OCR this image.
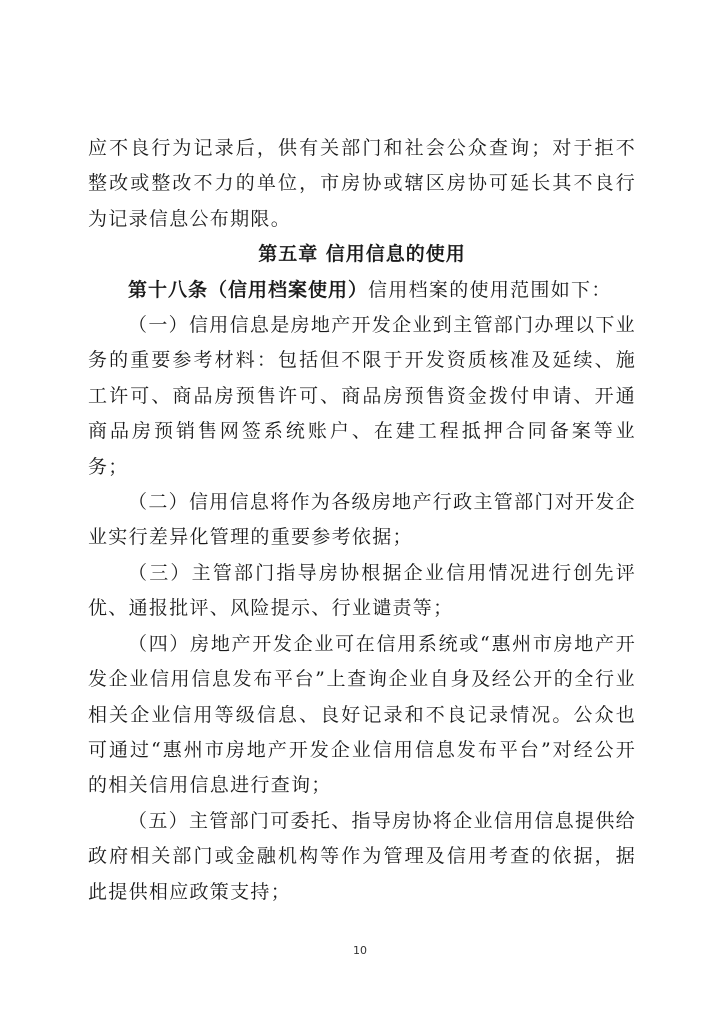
应不良行为记录后，供有关部门和社会公众查询；对于拒不整改或整改不力的单位，市房协或辖区房协可延长其不良行为记录信息公布期限。

第五章 信用信息的使用

第十八条（信用档案使用）信用档案的使用范围如下：

（一）信用信息是房地产开发企业到主管部门办理以下业务的重要参考材料：包括但不限于开发资质核准及延续、施工许可、商品房预售许可、商品房预售资金拨付申请、开通商品房预销售网签系统账户、在建工程抵押合同备案等业务；

（二）信用信息将作为各级房地产行政主管部门对开发企业实行差异化管理的重要参考依据；

（三）主管部门指导房协根据企业信用情况进行创先评优、通报批评、风险提示、行业谴责等；

（四）房地产开发企业可在信用系统或“惠州市房地产开发企业信用信息发布平台”上查询企业自身及经公开的全行业相关企业信用等级信息、良好记录和不良记录情况。公众也可通过“惠州市房地产开发企业信用信息发布平台”对经公开的相关信用信息进行查询；

（五）主管部门可委托、指导房协将企业信用信息提供给政府相关部门或金融机构等作为管理及信用考查的依据，据此提供相应政策支持；

10
